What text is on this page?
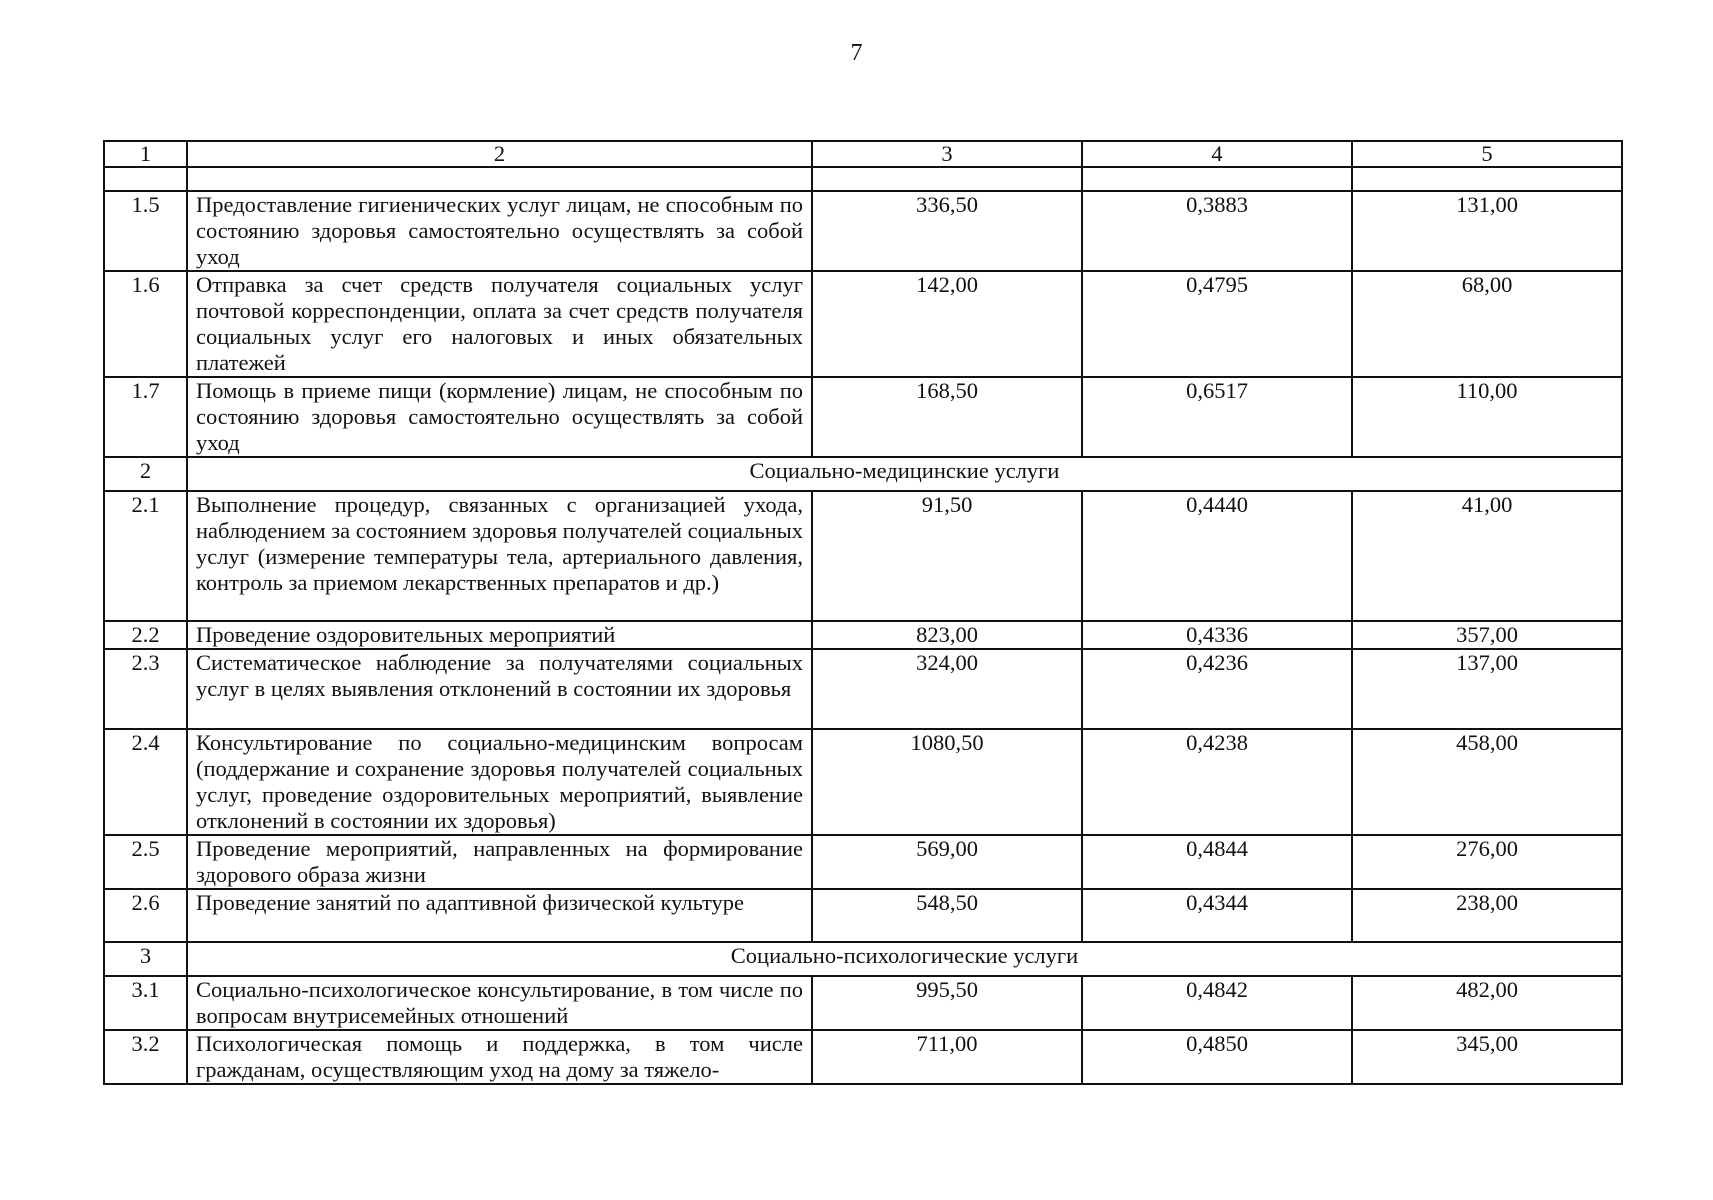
7
1	2	3	4	5

1.5	Предоставление гигиенических услуг лицам, не способным по состоянию здоровья самостоятельно осуществлять за собой уход	336,50	0,3883	131,00
1.6	Отправка за счет средств получателя социальных услуг почтовой корреспонденции, оплата за счет средств получателя социальных услуг его налоговых и иных обязательных платежей	142,00	0,4795	68,00
1.7	Помощь в приеме пищи (кормление) лицам, не способным по состоянию здоровья самостоятельно осуществлять за собой уход	168,50	0,6517	110,00
2	Социально-медицинские услуги			
2.1	Выполнение процедур, связанных с организацией ухода, наблюдением за состоянием здоровья получателей социальных услуг (измерение температуры тела, артериального давления, контроль за приемом лекарственных препаратов и др.)	91,50	0,4440	41,00
2.2	Проведение оздоровительных мероприятий	823,00	0,4336	357,00
2.3	Систематическое наблюдение за получателями социальных услуг в целях выявления отклонений в состоянии их здоровья	324,00	0,4236	137,00
2.4	Консультирование по социально-медицинским вопросам (поддержание и сохранение здоровья получателей социальных услуг, проведение оздоровительных мероприятий, выявление отклонений в состоянии их здоровья)	1080,50	0,4238	458,00
2.5	Проведение мероприятий, направленных на формирование здорового образа жизни	569,00	0,4844	276,00
2.6	Проведение занятий по адаптивной физической культуре	548,50	0,4344	238,00
3	Социально-психологические услуги			
3.1	Социально-психологическое консультирование, в том числе по вопросам внутрисемейных отношений	995,50	0,4842	482,00
3.2	Психологическая помощь и поддержка, в том числе гражданам, осуществляющим уход на дому за тяжело-	711,00	0,4850	345,00
